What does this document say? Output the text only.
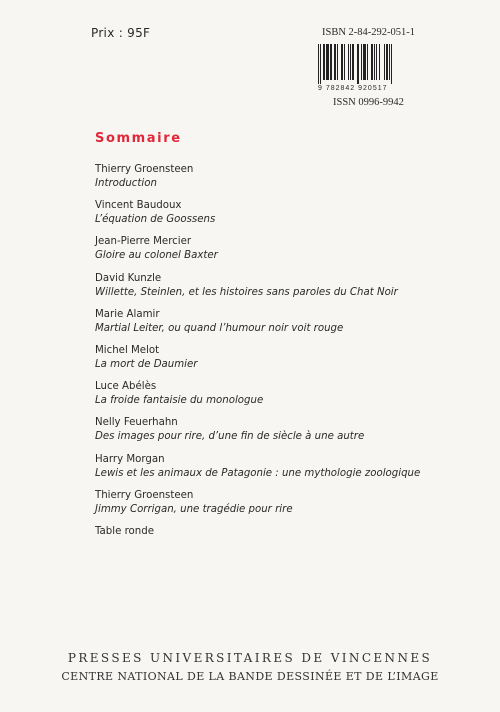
Prix : 95F	ISBN 2-84-292-051-1
9 782842 920517
ISSN 0996-9942
Sommaire
Thierry Groensteen
Introduction
Vincent Baudoux
L’équation de Goossens
Jean-Pierre Mercier
Gloire au colonel Baxter
David Kunzle
Willette, Steinlen, et les histoires sans paroles du Chat Noir
Marie Alamir
Martial Leiter, ou quand l’humour noir voit rouge
Michel Melot
La mort de Daumier
Luce Abélès
La froide fantaisie du monologue
Nelly Feuerhahn
Des images pour rire, d’une fin de siècle à une autre
Harry Morgan
Lewis et les animaux de Patagonie : une mythologie zoologique
Thierry Groensteen
Jimmy Corrigan, une tragédie pour rire
Table ronde
PRESSES UNIVERSITAIRES DE VINCENNES
CENTRE NATIONAL DE LA BANDE DESSINÉE ET DE L’IMAGE
